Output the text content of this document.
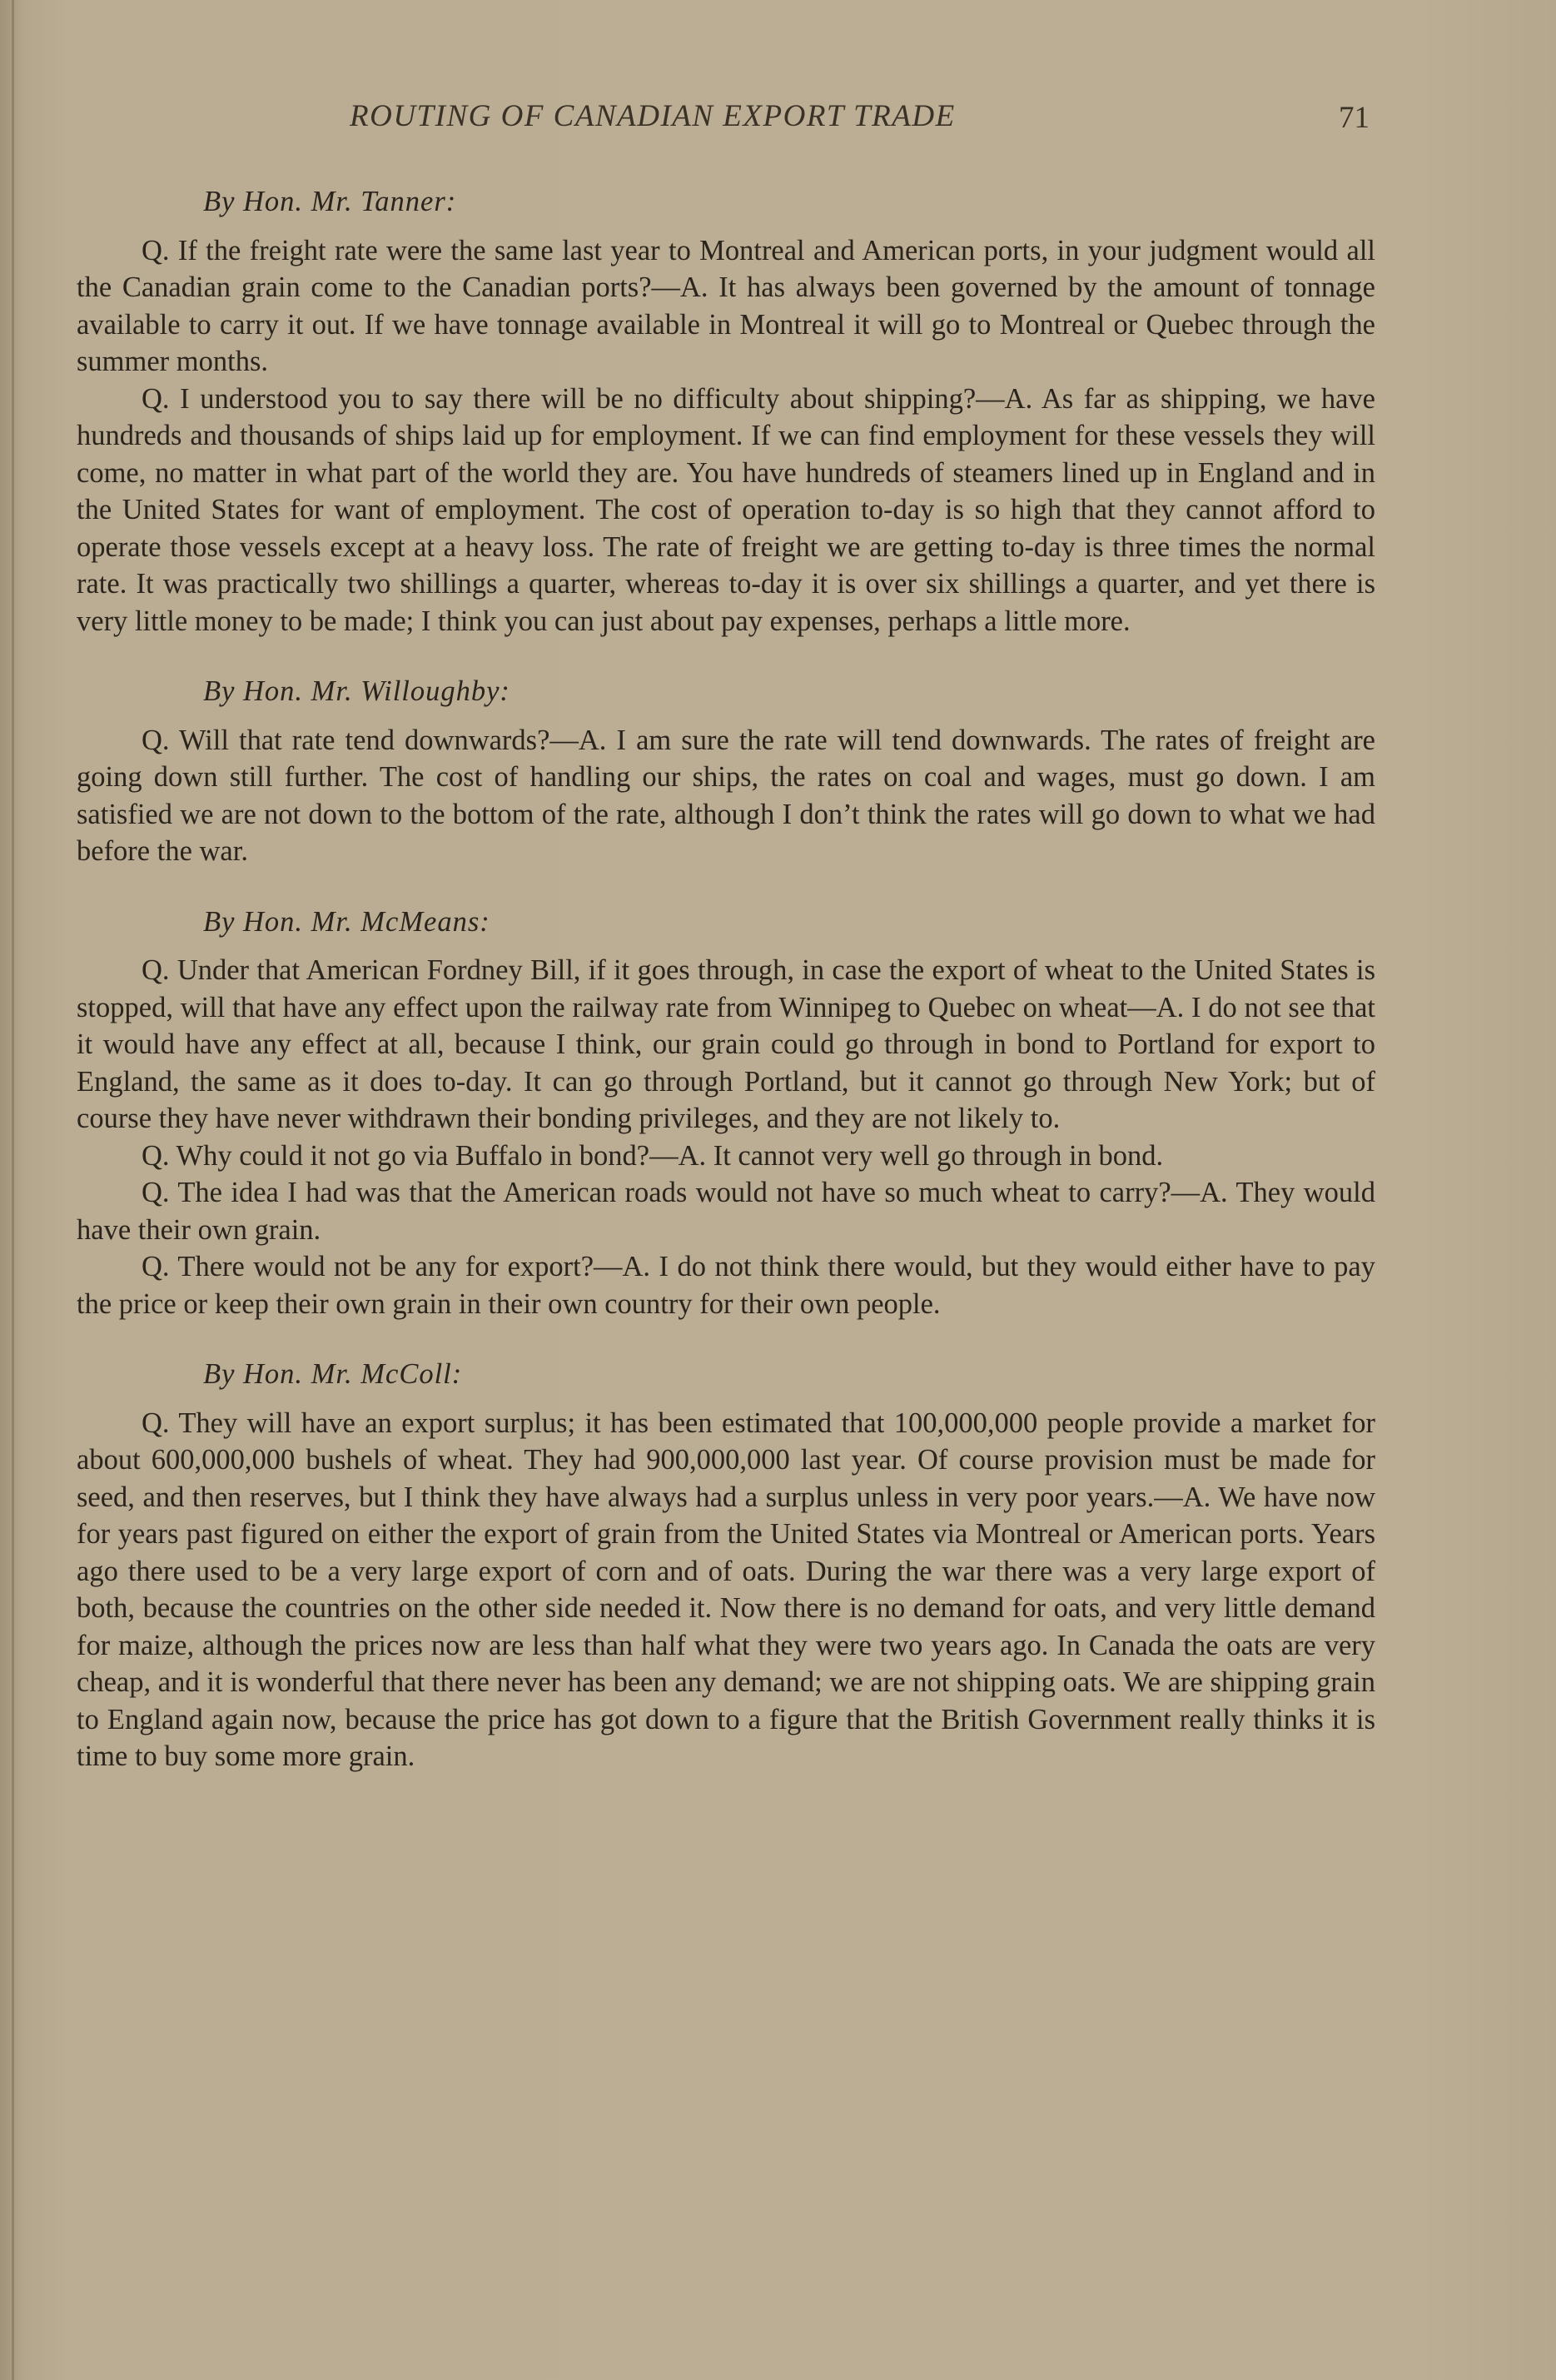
ROUTING OF CANADIAN EXPORT TRADE	71

By Hon. Mr. Tanner:

Q. If the freight rate were the same last year to Montreal and American ports, in your judgment would all the Canadian grain come to the Canadian ports?—A. It has always been governed by the amount of tonnage available to carry it out. If we have tonnage available in Montreal it will go to Montreal or Quebec through the summer months.

Q. I understood you to say there will be no difficulty about shipping?—A. As far as shipping, we have hundreds and thousands of ships laid up for employment. If we can find employment for these vessels they will come, no matter in what part of the world they are. You have hundreds of steamers lined up in England and in the United States for want of employment. The cost of operation to-day is so high that they cannot afford to operate those vessels except at a heavy loss. The rate of freight we are getting to-day is three times the normal rate. It was practically two shillings a quarter, whereas to-day it is over six shillings a quarter, and yet there is very little money to be made; I think you can just about pay expenses, perhaps a little more.

By Hon. Mr. Willoughby:

Q. Will that rate tend downwards?—A. I am sure the rate will tend downwards. The rates of freight are going down still further. The cost of handling our ships, the rates on coal and wages, must go down. I am satisfied we are not down to the bottom of the rate, although I don’t think the rates will go down to what we had before the war.

By Hon. Mr. McMeans:

Q. Under that American Fordney Bill, if it goes through, in case the export of wheat to the United States is stopped, will that have any effect upon the railway rate from Winnipeg to Quebec on wheat—A. I do not see that it would have any effect at all, because I think, our grain could go through in bond to Portland for export to England, the same as it does to-day. It can go through Portland, but it cannot go through New York; but of course they have never withdrawn their bonding privileges, and they are not likely to.

Q. Why could it not go via Buffalo in bond?—A. It cannot very well go through in bond.

Q. The idea I had was that the American roads would not have so much wheat to carry?—A. They would have their own grain.

Q. There would not be any for export?—A. I do not think there would, but they would either have to pay the price or keep their own grain in their own country for their own people.

By Hon. Mr. McColl:

Q. They will have an export surplus; it has been estimated that 100,000,000 people provide a market for about 600,000,000 bushels of wheat. They had 900,000,000 last year. Of course provision must be made for seed, and then reserves, but I think they have always had a surplus unless in very poor years.—A. We have now for years past figured on either the export of grain from the United States via Montreal or American ports. Years ago there used to be a very large export of corn and of oats. During the war there was a very large export of both, because the countries on the other side needed it. Now there is no demand for oats, and very little demand for maize, although the prices now are less than half what they were two years ago. In Canada the oats are very cheap, and it is wonderful that there never has been any demand; we are not shipping oats. We are shipping grain to England again now, because the price has got down to a figure that the British Government really thinks it is time to buy some more grain.
